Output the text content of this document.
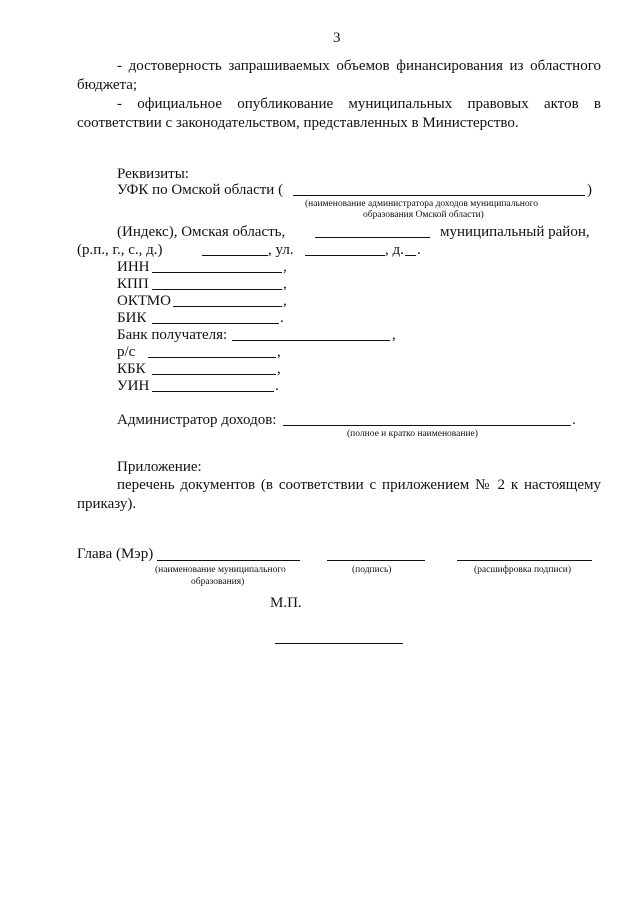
3
- достоверность запрашиваемых объемов финансирования из областного
бюджета;
- официальное опубликование муниципальных правовых актов в
соответствии с законодательством, представленных в Министерство.
Реквизиты:
УФК по Омской области (	)
(наименование администратора доходов муниципального
образования Омской области)
(Индекс), Омская область,	муниципальный район,
(р.п., г., с., д.)	, ул.	, д. .
ИНН	,
КПП	,
ОКТМО	,
БИК	.
Банк получателя:	,
р/с	,
КБК	,
УИН	.
Администратор доходов:	.
(полное и кратко наименование)
Приложение:
перечень документов (в соответствии с приложением № 2 к настоящему
приказу).
Глава (Мэр)
(наименование муниципального
образования)
(подпись)	(расшифровка подписи)
М.П.
